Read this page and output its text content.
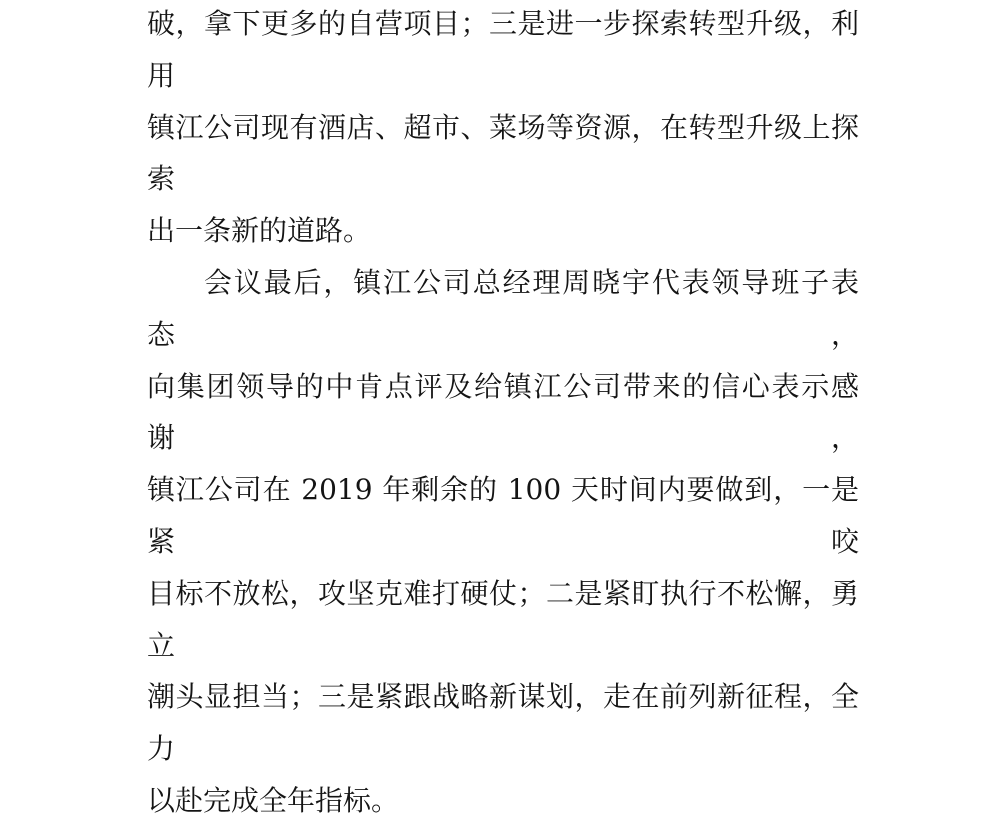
破，拿下更多的自营项目；三是进一步探索转型升级，利用
镇江公司现有酒店、超市、菜场等资源，在转型升级上探索
出一条新的道路。
会议最后，镇江公司总经理周晓宇代表领导班子表态，
向集团领导的中肯点评及给镇江公司带来的信心表示感谢，
镇江公司在 2019 年剩余的 100 天时间内要做到，一是紧咬
目标不放松，攻坚克难打硬仗；二是紧盯执行不松懈，勇立
潮头显担当；三是紧跟战略新谋划，走在前列新征程，全力
以赴完成全年指标。
